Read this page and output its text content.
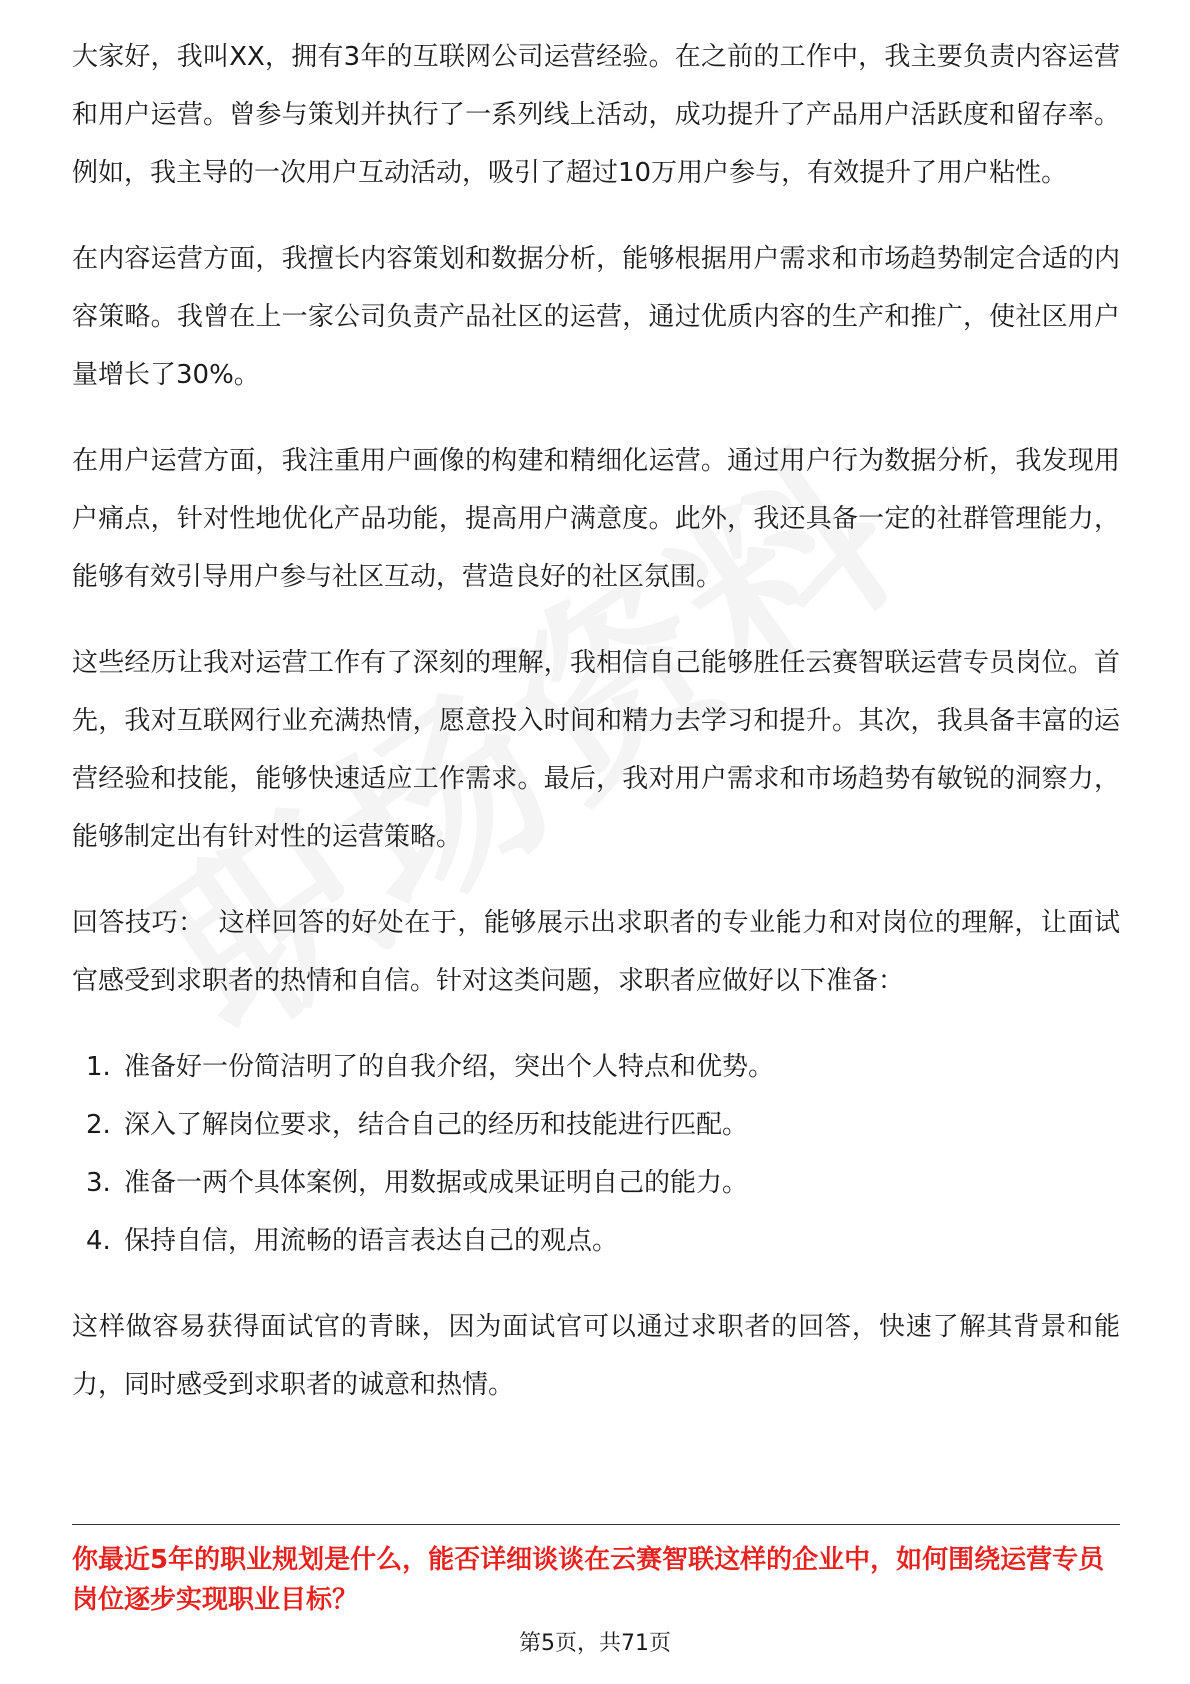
大家好，我叫XX，拥有3年的互联网公司运营经验。在之前的工作中，我主要负责内容运营和用户运营。曾参与策划并执行了一系列线上活动，成功提升了产品用户活跃度和留存率。例如，我主导的一次用户互动活动，吸引了超过10万用户参与，有效提升了用户粘性。

在内容运营方面，我擅长内容策划和数据分析，能够根据用户需求和市场趋势制定合适的内容策略。我曾在上一家公司负责产品社区的运营，通过优质内容的生产和推广，使社区用户量增长了30%。

在用户运营方面，我注重用户画像的构建和精细化运营。通过用户行为数据分析，我发现用户痛点，针对性地优化产品功能，提高用户满意度。此外，我还具备一定的社群管理能力，能够有效引导用户参与社区互动，营造良好的社区氛围。

这些经历让我对运营工作有了深刻的理解，我相信自己能够胜任云赛智联运营专员岗位。首先，我对互联网行业充满热情，愿意投入时间和精力去学习和提升。其次，我具备丰富的运营经验和技能，能够快速适应工作需求。最后，我对用户需求和市场趋势有敏锐的洞察力，能够制定出有针对性的运营策略。

回答技巧： 这样回答的好处在于，能够展示出求职者的专业能力和对岗位的理解，让面试官感受到求职者的热情和自信。针对这类问题，求职者应做好以下准备：

1. 准备好一份简洁明了的自我介绍，突出个人特点和优势。
2. 深入了解岗位要求，结合自己的经历和技能进行匹配。
3. 准备一两个具体案例，用数据或成果证明自己的能力。
4. 保持自信，用流畅的语言表达自己的观点。

这样做容易获得面试官的青睐，因为面试官可以通过求职者的回答，快速了解其背景和能力，同时感受到求职者的诚意和热情。

你最近5年的职业规划是什么，能否详细谈谈在云赛智联这样的企业中，如何围绕运营专员岗位逐步实现职业目标？

第5页，共71页
